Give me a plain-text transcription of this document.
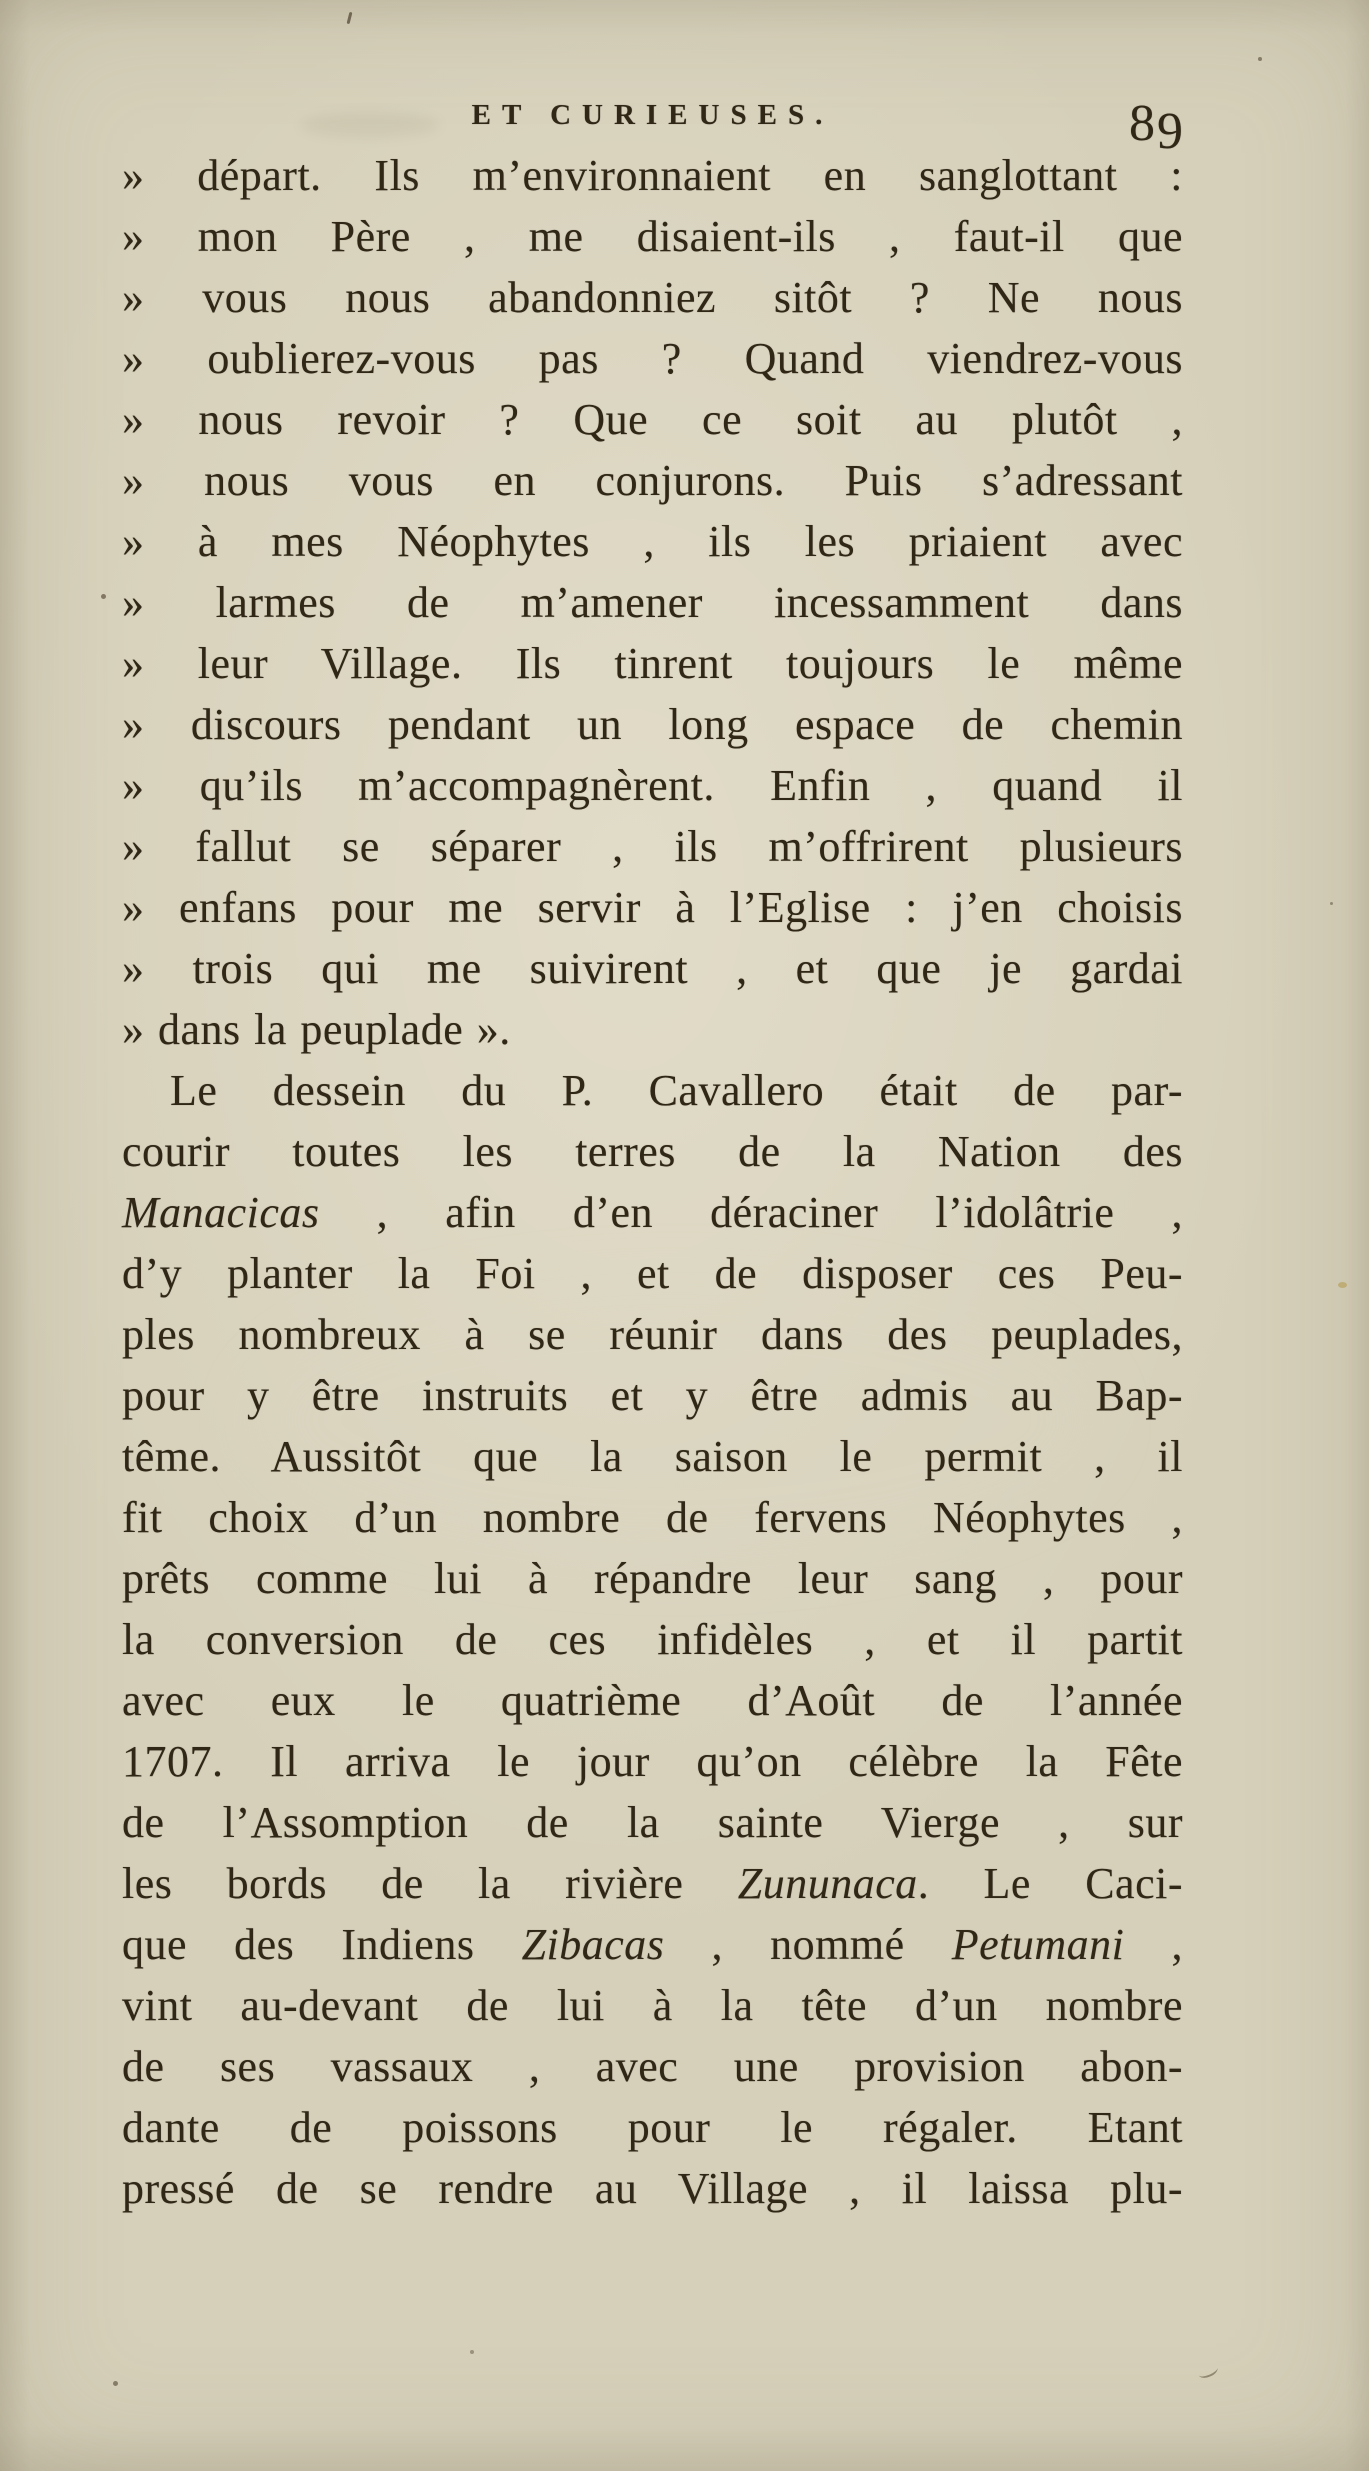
ET CURIEUSES.	89
» départ. Ils m’environnaient en sanglottant :
» mon Père , me disaient-ils , faut-il que
» vous nous abandonniez sitôt ? Ne nous
» oublierez-vous pas ? Quand viendrez-vous
» nous revoir ? Que ce soit au plutôt ,
» nous vous en conjurons. Puis s’adressant
» à mes Néophytes , ils les priaient avec
» larmes de m’amener incessamment dans
» leur Village. Ils tinrent toujours le même
» discours pendant un long espace de chemin
» qu’ils m’accompagnèrent. Enfin , quand il
» fallut se séparer , ils m’offrirent plusieurs
» enfans pour me servir à l’Eglise : j’en choisis
» trois qui me suivirent , et que je gardai
» dans la peuplade ».
Le dessein du P. Cavallero était de par-
courir toutes les terres de la Nation des
Manacicas , afin d’en déraciner l’idolâtrie ,
d’y planter la Foi , et de disposer ces Peu-
ples nombreux à se réunir dans des peuplades,
pour y être instruits et y être admis au Bap-
tême. Aussitôt que la saison le permit , il
fit choix d’un nombre de fervens Néophytes ,
prêts comme lui à répandre leur sang , pour
la conversion de ces infidèles , et il partit
avec eux le quatrième d’Août de l’année
1707. Il arriva le jour qu’on célèbre la Fête
de l’Assomption de la sainte Vierge , sur
les bords de la rivière Zununaca. Le Caci-
que des Indiens Zibacas , nommé Petumani ,
vint au-devant de lui à la tête d’un nombre
de ses vassaux , avec une provision abon-
dante de poissons pour le régaler. Etant
pressé de se rendre au Village , il laissa plu-
